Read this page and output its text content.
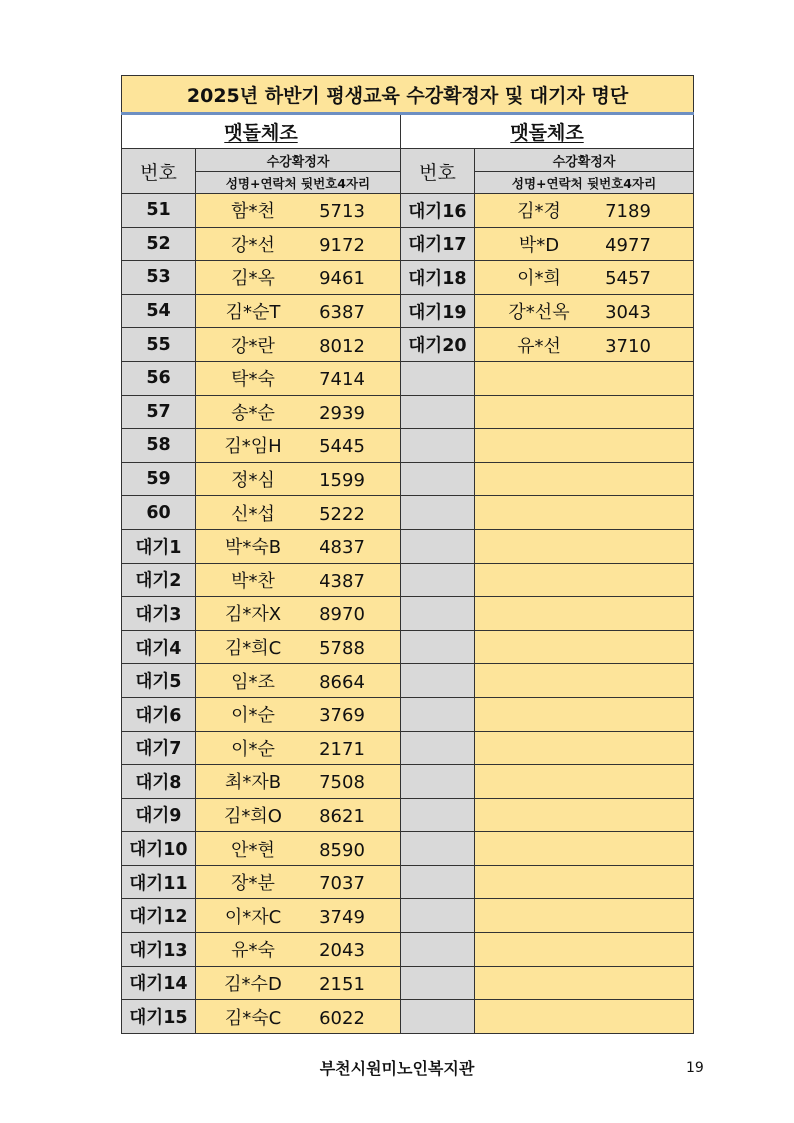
2025년 하반기 평생교육 수강확정자 및 대기자 명단			
맷돌체조		맷돌체조	
번호	수강확정자	번호	수강확정자
	성명+연락처 뒷번호4자리		성명+연락처 뒷번호4자리
51	함*천 5713	대기16	김*경 7189
52	강*선 9172	대기17	박*D 4977
53	김*옥 9461	대기18	이*희 5457
54	김*순T 6387	대기19	강*선옥 3043
55	강*란 8012	대기20	유*선 3710
56	탁*숙 7414		
57	송*순 2939		
58	김*임H 5445		
59	정*심 1599		
60	신*섭 5222		
대기1	박*숙B 4837		
대기2	박*찬 4387		
대기3	김*자X 8970		
대기4	김*희C 5788		
대기5	임*조 8664		
대기6	이*순 3769		
대기7	이*순 2171		
대기8	최*자B 7508		
대기9	김*희O 8621		
대기10	안*현 8590		
대기11	장*분 7037		
대기12	이*자C 3749		
대기13	유*숙 2043		
대기14	김*수D 2151		
대기15	김*숙C 6022		
부천시원미노인복지관	19
